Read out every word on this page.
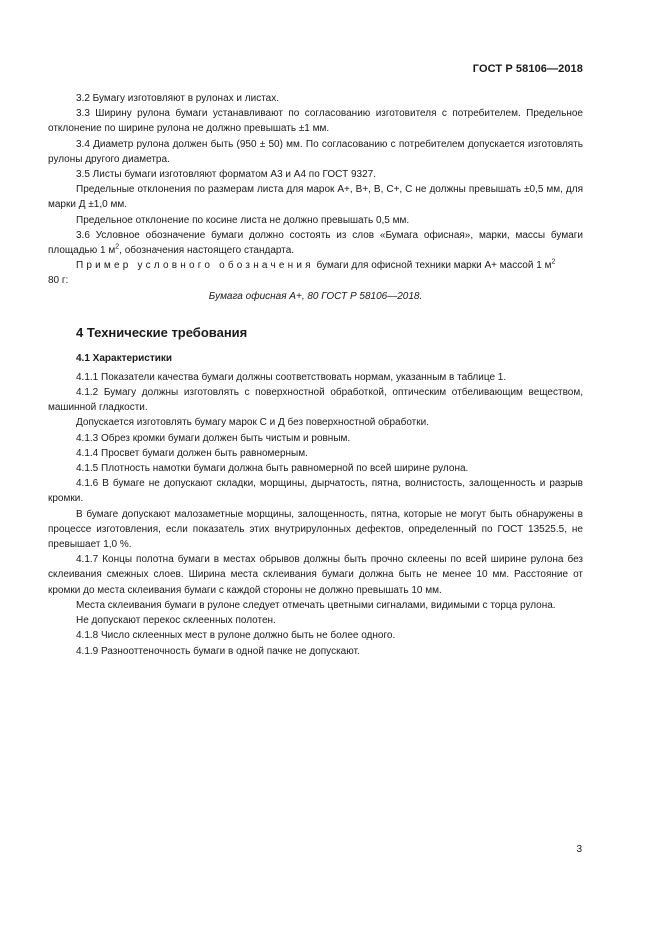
ГОСТ Р 58106—2018

3.2 Бумагу изготовляют в рулонах и листах.

3.3 Ширину рулона бумаги устанавливают по согласованию изготовителя с потребителем. Предельное отклонение по ширине рулона не должно превышать ±1 мм.

3.4 Диаметр рулона должен быть (950 ± 50) мм. По согласованию с потребителем допускается изготовлять рулоны другого диаметра.

3.5 Листы бумаги изготовляют форматом А3 и А4 по ГОСТ 9327.

Предельные отклонения по размерам листа для марок А+, В+, В, С+, С не должны превышать ±0,5 мм, для марки Д ±1,0 мм.

Предельное отклонение по косине листа не должно превышать 0,5 мм.

3.6 Условное обозначение бумаги должно состоять из слов «Бумага офисная», марки, массы бумаги площадью 1 $м^2$, обозначения настоящего стандарта.

Пример условного обозначения бумаги для офисной техники марки А+ массой 1 $м^2$
80 г:

Бумага офисная А+, 80 ГОСТ Р 58106—2018.

4 Технические требования
4.1 Характеристики

4.1.1 Показатели качества бумаги должны соответствовать нормам, указанным в таблице 1.

4.1.2 Бумагу должны изготовлять с поверхностной обработкой, оптическим отбеливающим веществом, машинной гладкости.

Допускается изготовлять бумагу марок С и Д без поверхностной обработки.

4.1.3 Обрез кромки бумаги должен быть чистым и ровным.

4.1.4 Просвет бумаги должен быть равномерным.

4.1.5 Плотность намотки бумаги должна быть равномерной по всей ширине рулона.

4.1.6 В бумаге не допускают складки, морщины, дырчатость, пятна, волнистость, залощенность и разрыв кромки.

В бумаге допускают малозаметные морщины, залощенность, пятна, которые не могут быть обнаружены в процессе изготовления, если показатель этих внутрирулонных дефектов, определенный по ГОСТ 13525.5, не превышает 1,0 %.

4.1.7 Концы полотна бумаги в местах обрывов должны быть прочно склеены по всей ширине рулона без склеивания смежных слоев. Ширина места склеивания бумаги должна быть не менее 10 мм. Расстояние от кромки до места склеивания бумаги с каждой стороны не должно превышать 10 мм.

Места склеивания бумаги в рулоне следует отмечать цветными сигналами, видимыми с торца рулона.

Не допускают перекос склеенных полотен.

4.1.8 Число склеенных мест в рулоне должно быть не более одного.

4.1.9 Разнооттеночность бумаги в одной пачке не допускают.

3
